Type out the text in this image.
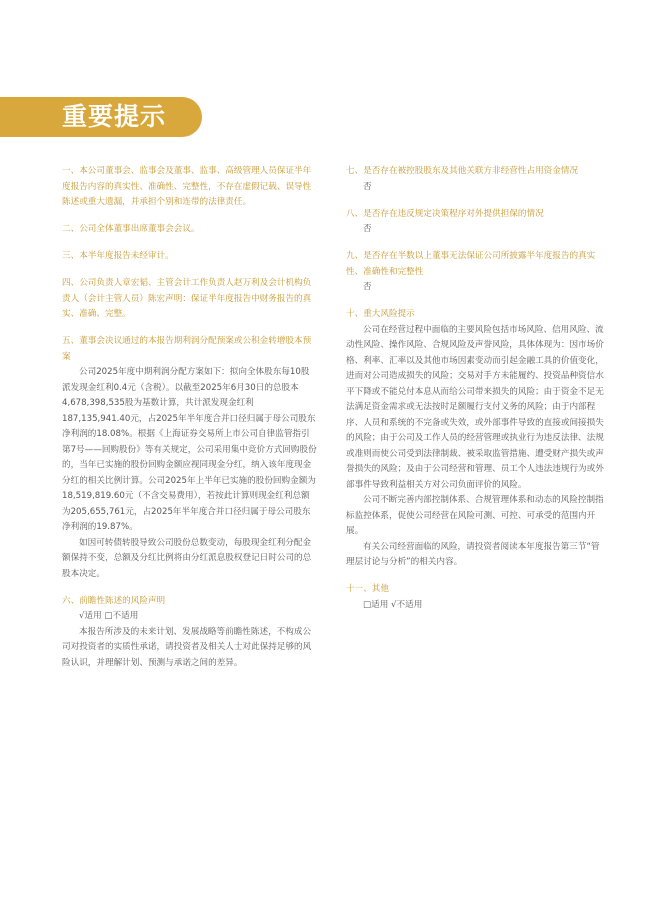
重要提示

一、本公司董事会、监事会及董事、监事、高级管理人员保证半年度报告内容的真实性、准确性、完整性，不存在虚假记载、误导性陈述或重大遗漏，并承担个别和连带的法律责任。

二、公司全体董事出席董事会会议。

三、本半年度报告未经审计。

四、公司负责人章宏韬、主管会计工作负责人赵万利及会计机构负责人（会计主管人员）陈宏声明：保证半年度报告中财务报告的真实、准确、完整。

五、董事会决议通过的本报告期利润分配预案或公积金转增股本预案

公司2025年度中期利润分配方案如下：拟向全体股东每10股派发现金红利0.4元（含税）。以截至2025年6月30日的总股本4,678,398,535股为基数计算，共计派发现金红利187,135,941.40元，占2025年半年度合并口径归属于母公司股东净利润的18.08%。根据《上海证券交易所上市公司自律监管指引第7号——回购股份》等有关规定，公司采用集中竞价方式回购股份的，当年已实施的股份回购金额应视同现金分红，纳入该年度现金分红的相关比例计算。公司2025年上半年已实施的股份回购金额为18,519,819.60元（不含交易费用），若按此计算则现金红利总额为205,655,761元，占2025年半年度合并口径归属于母公司股东净利润的19.87%。

如因可转债转股导致公司股份总数变动，每股现金红利分配金额保持不变，总额及分红比例将由分红派息股权登记日时公司的总股本决定。

六、前瞻性陈述的风险声明

√适用 □不适用

本报告所涉及的未来计划、发展战略等前瞻性陈述，不构成公司对投资者的实质性承诺，请投资者及相关人士对此保持足够的风险认识，并理解计划、预测与承诺之间的差异。

七、是否存在被控股股东及其他关联方非经营性占用资金情况

否

八、是否存在违反规定决策程序对外提供担保的情况

否

九、是否存在半数以上董事无法保证公司所披露半年度报告的真实性、准确性和完整性

否

十、重大风险提示

公司在经营过程中面临的主要风险包括市场风险、信用风险、流动性风险、操作风险、合规风险及声誉风险，具体体现为：因市场价格、利率、汇率以及其他市场因素变动而引起金融工具的价值变化，进而对公司造成损失的风险；交易对手方未能履约、投资品种资信水平下降或不能兑付本息从而给公司带来损失的风险；由于资金不足无法满足资金需求或无法按时足额履行支付义务的风险；由于内部程序、人员和系统的不完备或失效，或外部事件导致的直接或间接损失的风险；由于公司及工作人员的经营管理或执业行为违反法律、法规或准则而使公司受到法律制裁、被采取监管措施、遭受财产损失或声誉损失的风险；及由于公司经营和管理、员工个人违法违规行为或外部事件导致利益相关方对公司负面评价的风险。

公司不断完善内部控制体系、合规管理体系和动态的风险控制指标监控体系，促使公司经营在风险可测、可控、可承受的范围内开展。

有关公司经营面临的风险，请投资者阅读本年度报告第三节“管理层讨论与分析”的相关内容。

十一、其他

□适用 √不适用
